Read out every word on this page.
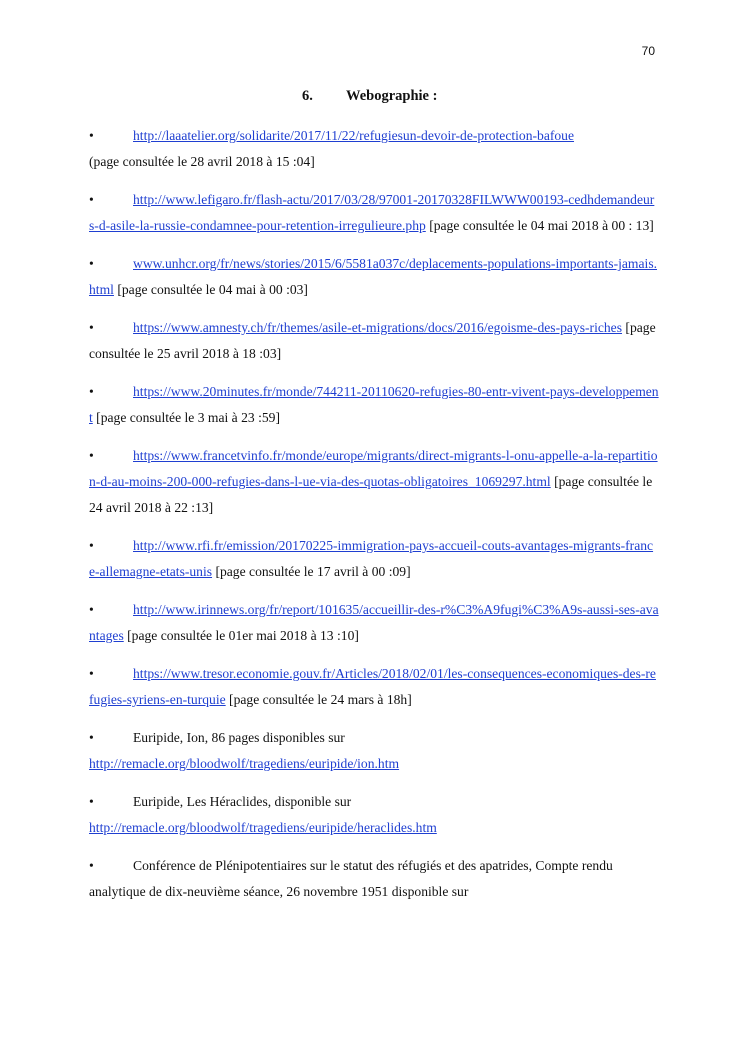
70
6. Webographie :
•	http://laaatelier.org/solidarite/2017/11/22/refugiesun-devoir-de-protection-bafoue
(page consultée le 28 avril 2018 à 15 :04]
•	http://www.lefigaro.fr/flash-actu/2017/03/28/97001-20170328FILWWW00193-cedhdemandeurs-d-asile-la-russie-condamnee-pour-retention-irregulieure.php [page consultée le 04 mai 2018 à 00 : 13]
•	www.unhcr.org/fr/news/stories/2015/6/5581a037c/deplacements-populations-importants-jamais.html [page consultée le 04 mai à 00 :03]
•	https://www.amnesty.ch/fr/themes/asile-et-migrations/docs/2016/egoisme-des-pays-riches [page consultée le 25 avril 2018 à 18 :03]
•	https://www.20minutes.fr/monde/744211-20110620-refugies-80-entr-vivent-pays-developpement [page consultée le 3 mai à 23 :59]
•	https://www.francetvinfo.fr/monde/europe/migrants/direct-migrants-l-onu-appelle-a-la-repartition-d-au-moins-200-000-refugies-dans-l-ue-via-des-quotas-obligatoires_1069297.html [page consultée le 24 avril 2018 à 22 :13]
•	http://www.rfi.fr/emission/20170225-immigration-pays-accueil-couts-avantages-migrants-france-allemagne-etats-unis [page consultée le 17 avril à 00 :09]
•	http://www.irinnews.org/fr/report/101635/accueillir-des-r%C3%A9fugi%C3%A9s-aussi-ses-avantages [page consultée le 01er mai 2018 à 13 :10]
•	https://www.tresor.economie.gouv.fr/Articles/2018/02/01/les-consequences-economiques-des-refugies-syriens-en-turquie [page consultée le 24 mars à 18h]
•	Euripide, Ion, 86 pages disponibles sur
http://remacle.org/bloodwolf/tragediens/euripide/ion.htm
•	Euripide, Les Héraclides, disponible sur
http://remacle.org/bloodwolf/tragediens/euripide/heraclides.htm
•	Conférence de Plénipotentiaires sur le statut des réfugiés et des apatrides, Compte rendu analytique de dix-neuvième séance, 26 novembre 1951 disponible sur
